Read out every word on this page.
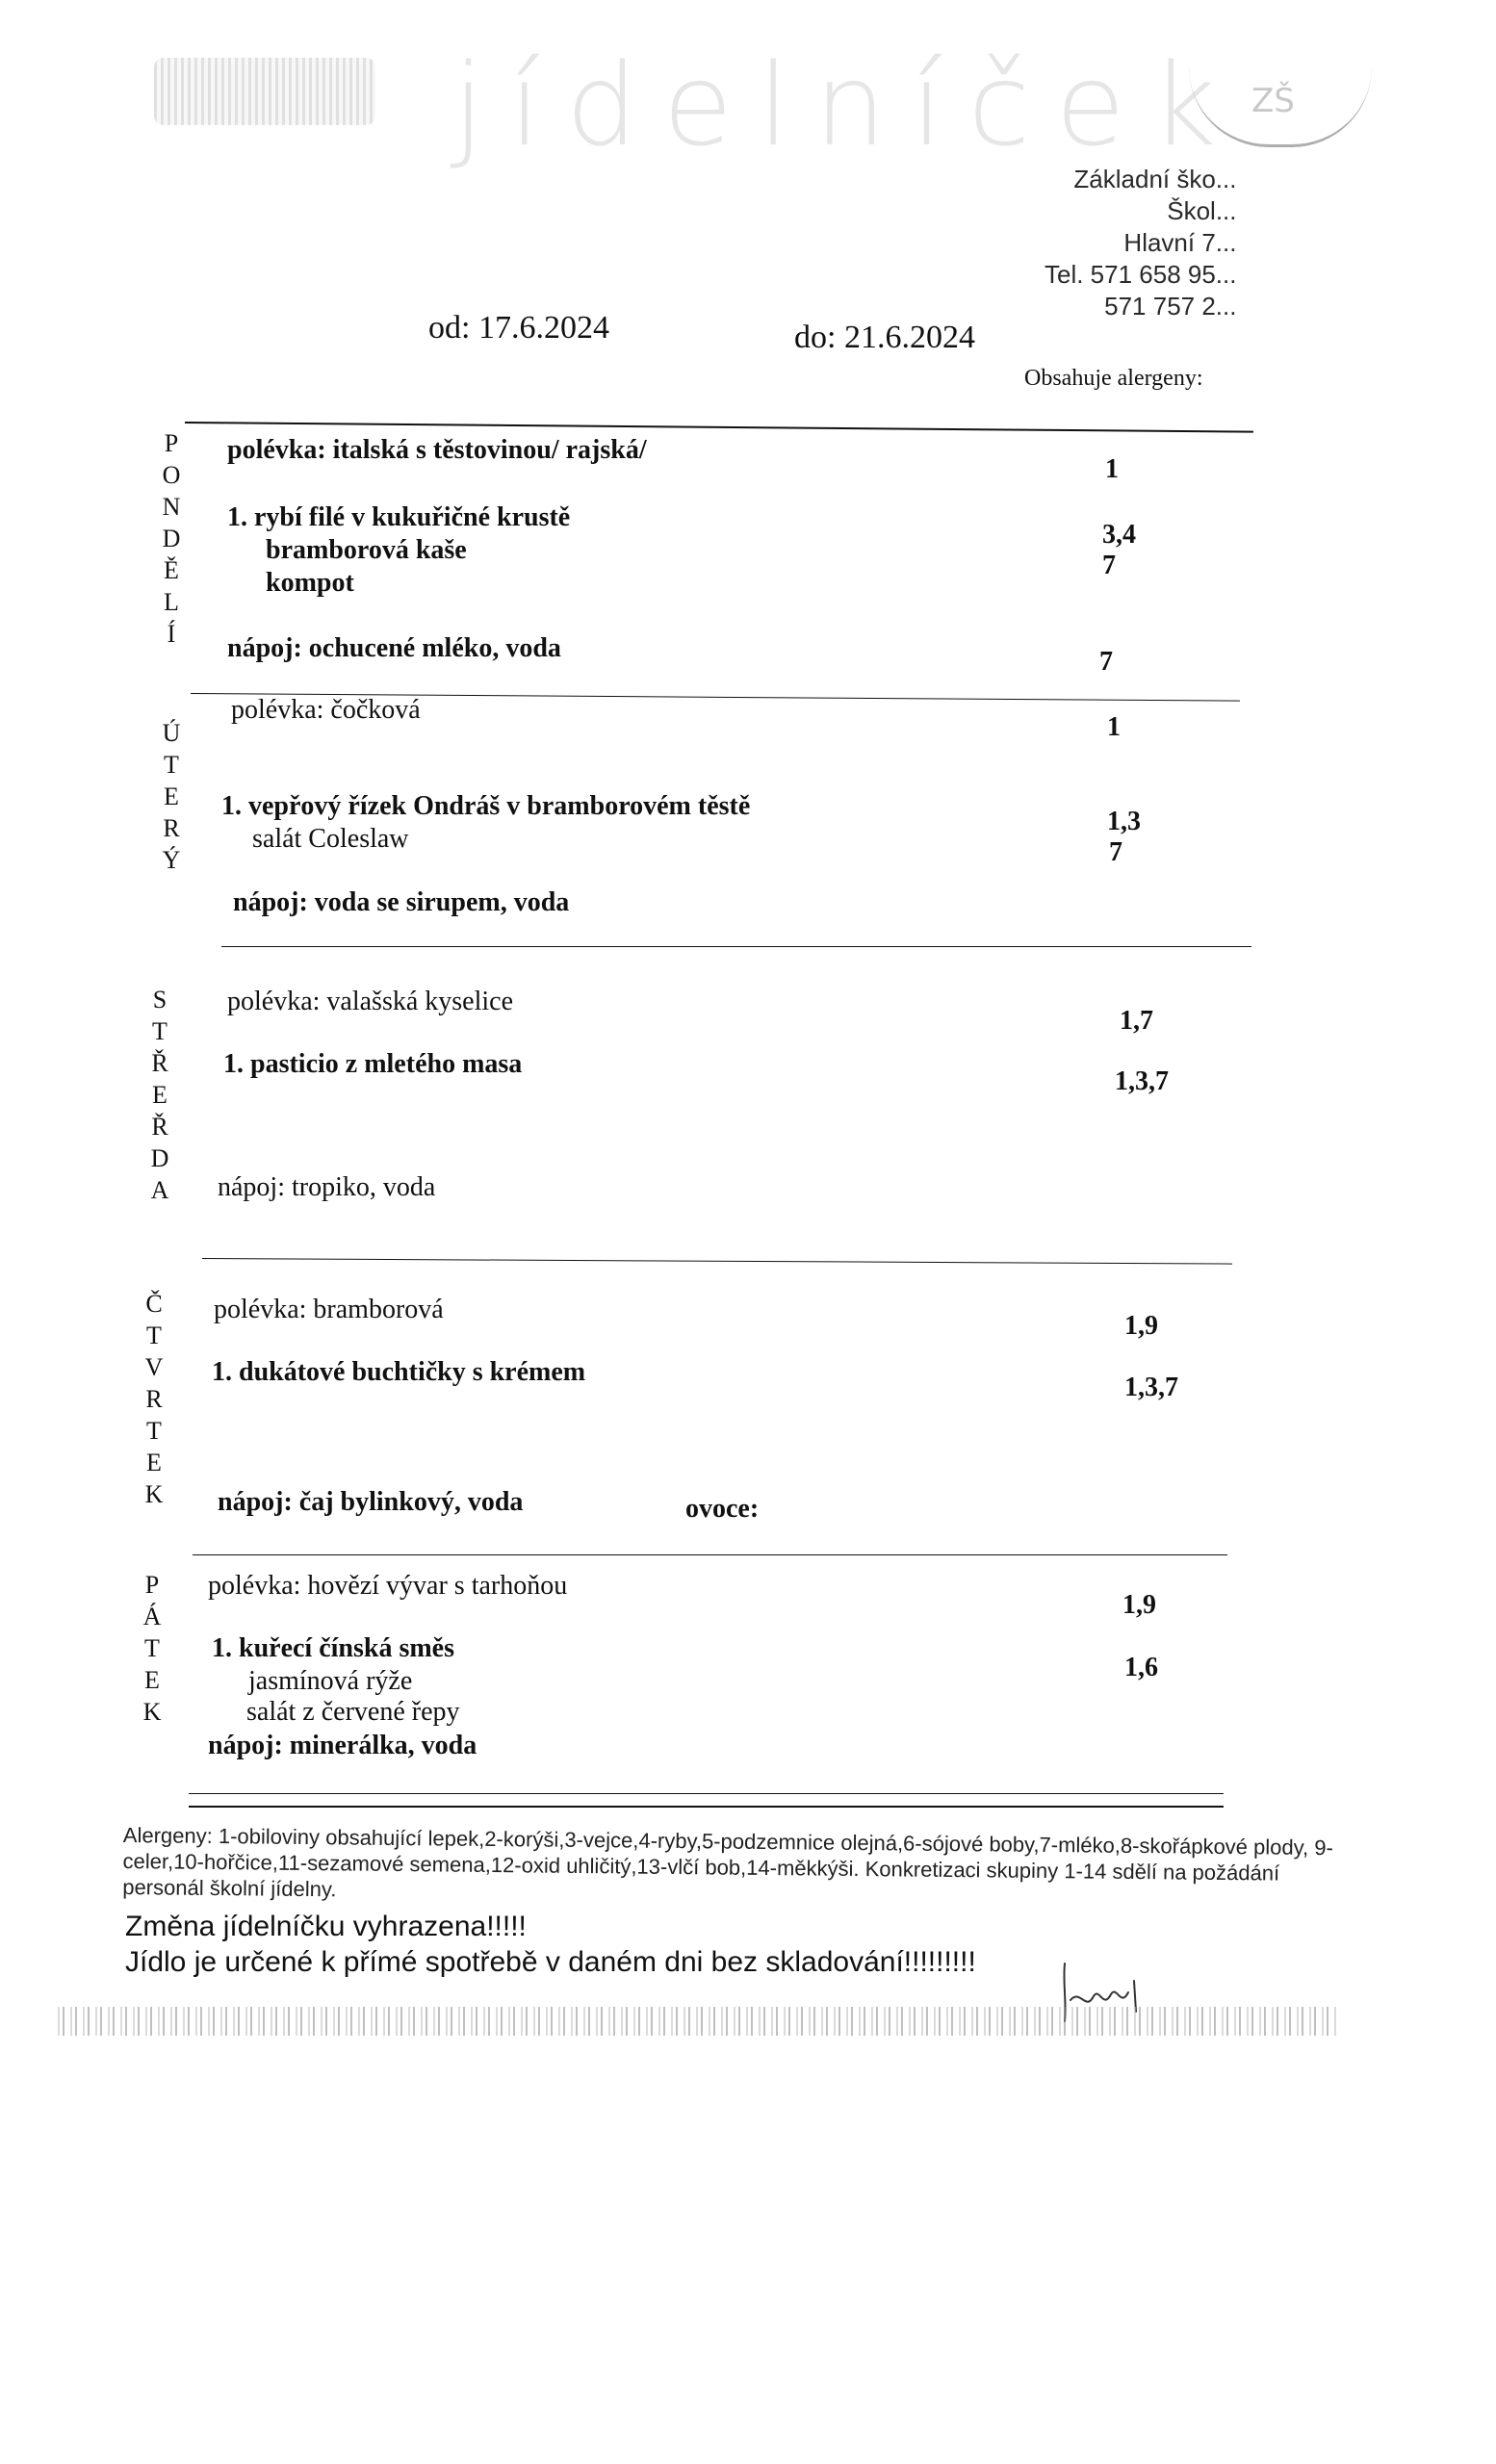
jídelníček ZŠ
Základní ško...
Škol...
Hlavní 7...
Tel. 571 658 95...
571 757 2...
od: 17.6.2024	do: 21.6.2024
Obsahuje alergeny:
P
O
N
D
Ě
L
Í
polévka: italská s těstovinou/ rajská/
1. rybí filé v kukuřičné krustě
bramborová kaše
kompot
nápoj: ochucené mléko, voda
1
3,4
7
7
Ú
T
E
R
Ý
polévka: čočková
1. vepřový řízek Ondráš v bramborovém těstě
salát Coleslaw
nápoj: voda se sirupem, voda
1
1,3
7
S
T
Ř
E
Ř
D
A
polévka: valašská kyselice
1. pasticio z mletého masa
nápoj: tropiko, voda
1,7
1,3,7
Č
T
V
R
T
E
K
polévka: bramborová
1. dukátové buchtičky s krémem
nápoj: čaj bylinkový, voda	ovoce:
1,9
1,3,7
P
Á
T
E
K
polévka: hovězí vývar s tarhoňou
1. kuřecí čínská směs
jasmínová rýže
salát z červené řepy
nápoj: minerálka, voda
1,9
1,6
Alergeny: 1-obiloviny obsahující lepek,2-korýši,3-vejce,4-ryby,5-podzemnice olejná,6-sójové boby,7-mléko,8-skořápkové plody, 9-celer,10-hořčice,11-sezamové semena,12-oxid uhličitý,13-vlčí bob,14-měkkýši. Konkretizaci skupiny 1-14 sdělí na požádání personál školní jídelny.
Změna jídelníčku vyhrazena!!!!!
Jídlo je určené k přímé spotřebě v daném dni bez skladování!!!!!!!!!
